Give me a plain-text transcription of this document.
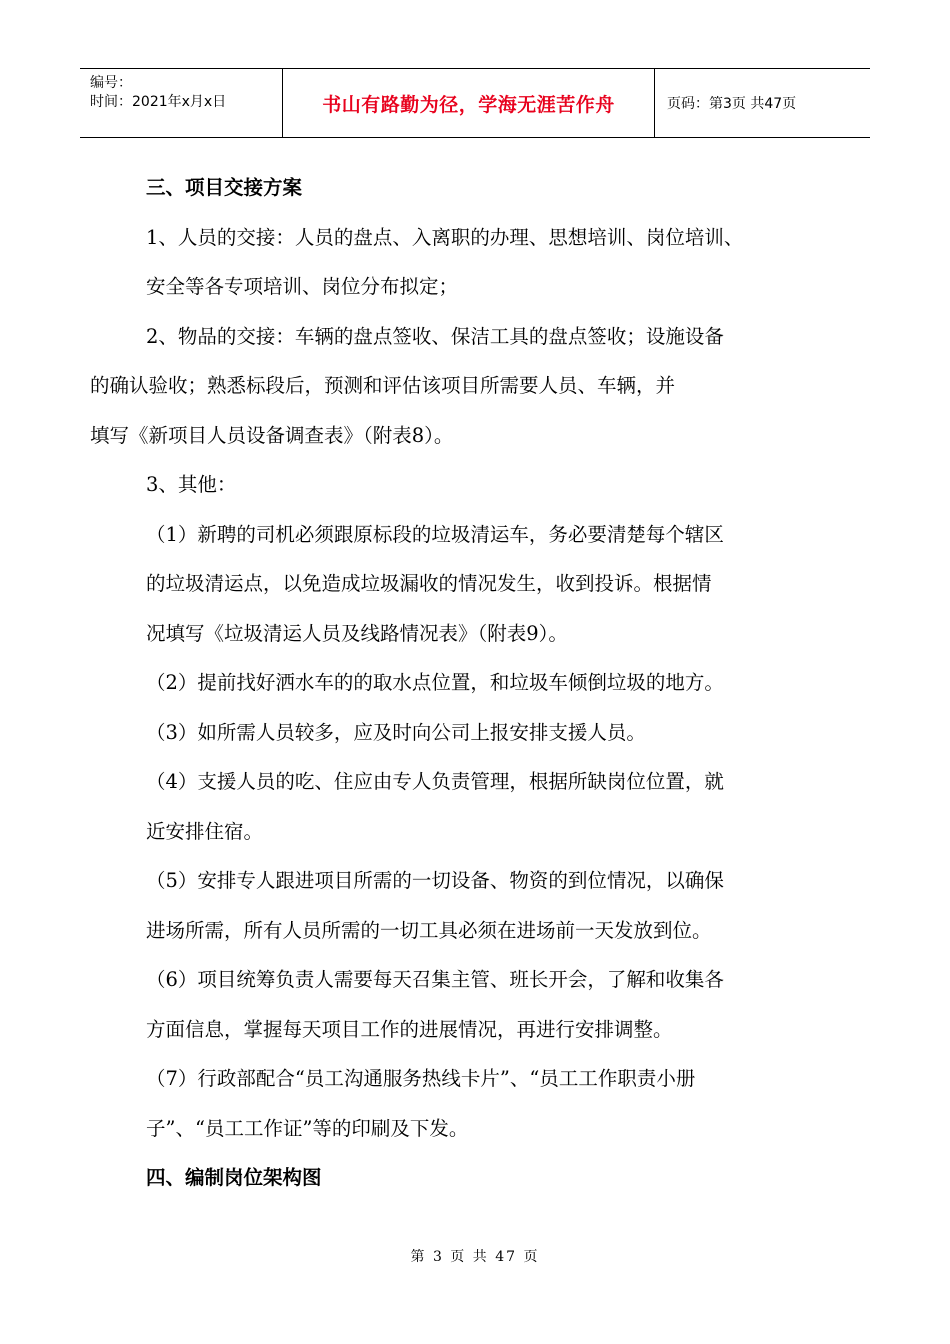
编号：
时间：2021年x月x日	书山有路勤为径，学海无涯苦作舟	页码：第3页 共47页

三、项目交接方案

1、人员的交接：人员的盘点、入离职的办理、思想培训、岗位培训、

安全等各专项培训、岗位分布拟定；

2、物品的交接：车辆的盘点签收、保洁工具的盘点签收；设施设备

的确认验收；熟悉标段后，预测和评估该项目所需要人员、车辆，并

填写《新项目人员设备调查表》（附表8）。

3、其他：

（1）新聘的司机必须跟原标段的垃圾清运车，务必要清楚每个辖区

的垃圾清运点，以免造成垃圾漏收的情况发生，收到投诉。根据情

况填写《垃圾清运人员及线路情况表》（附表9）。

（2）提前找好洒水车的的取水点位置，和垃圾车倾倒垃圾的地方。

（3）如所需人员较多，应及时向公司上报安排支援人员。

（4）支援人员的吃、住应由专人负责管理，根据所缺岗位位置，就

近安排住宿。

（5）安排专人跟进项目所需的一切设备、物资的到位情况，以确保

进场所需，所有人员所需的一切工具必须在进场前一天发放到位。

（6）项目统筹负责人需要每天召集主管、班长开会，了解和收集各

方面信息，掌握每天项目工作的进展情况，再进行安排调整。

（7）行政部配合“员工沟通服务热线卡片”、“员工工作职责小册

子”、“员工工作证”等的印刷及下发。

四、编制岗位架构图

第 3 页 共 47 页
